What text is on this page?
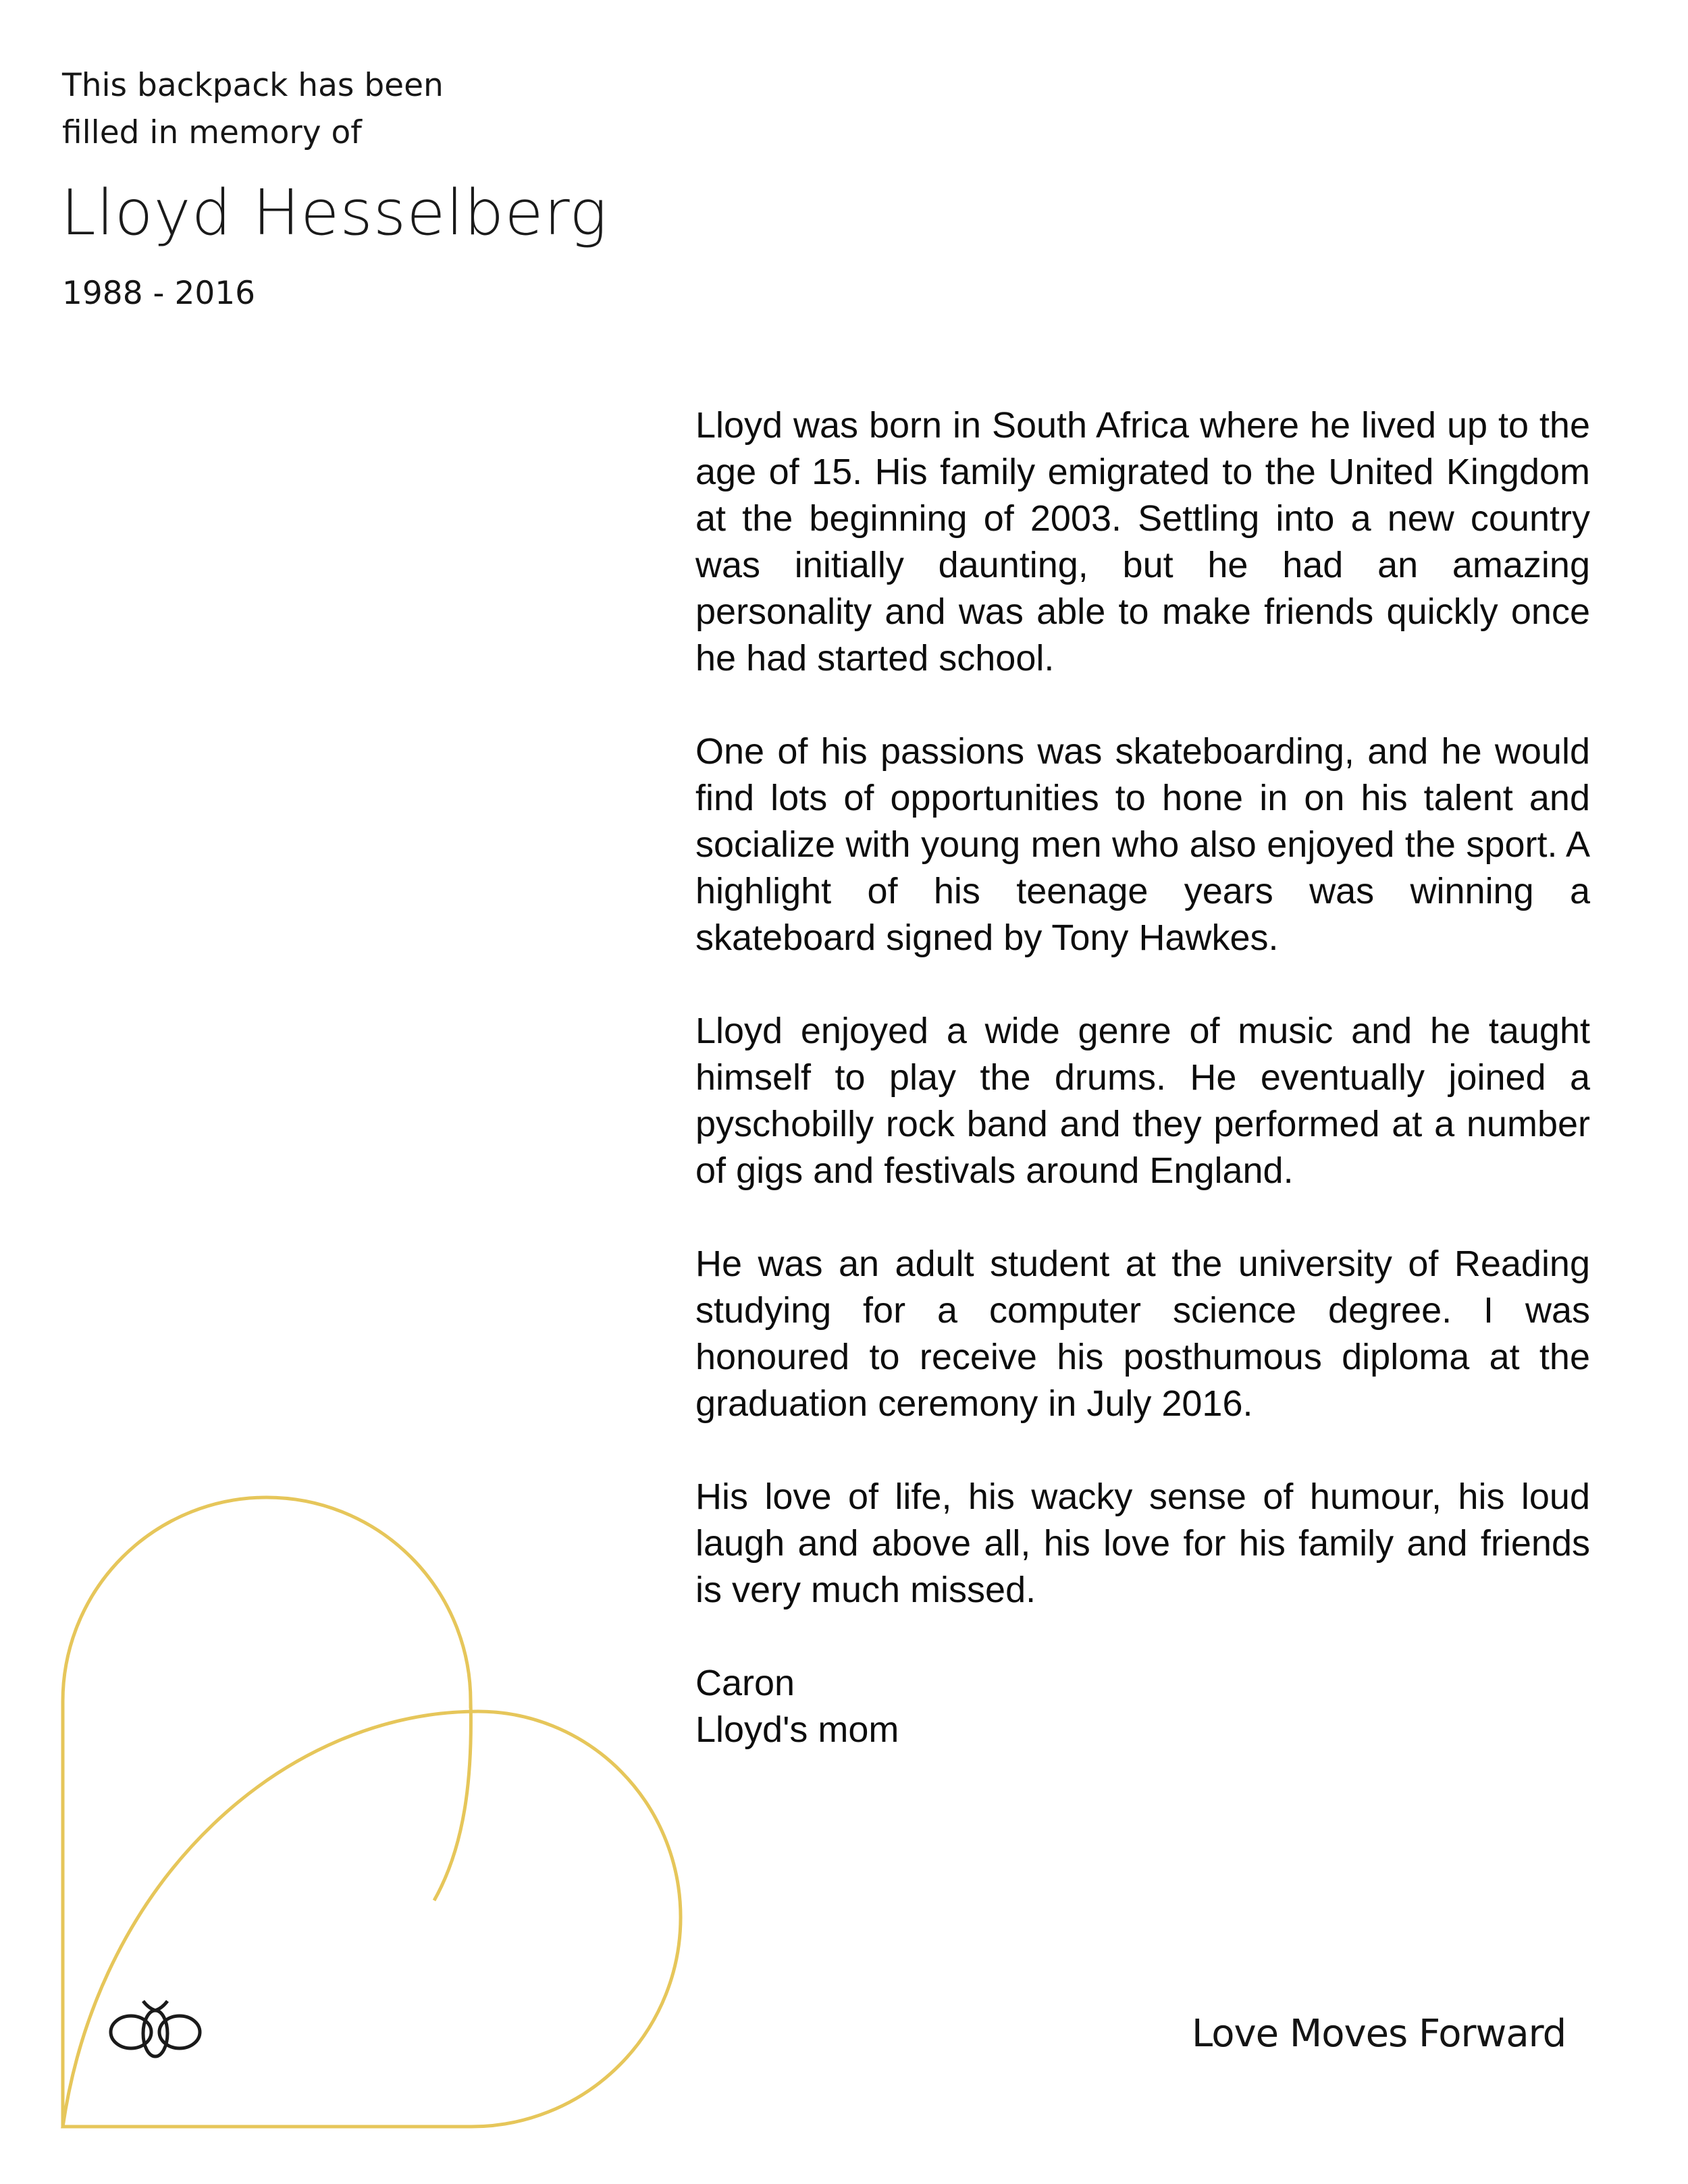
This backpack has been
filled in memory of
Lloyd Hesselberg
1988 - 2016

Lloyd was born in South Africa where he lived up to the age of 15. His family emigrated to the United Kingdom at the beginning of 2003. Settling into a new country was initially daunting, but he had an amazing personality and was able to make friends quickly once he had started school.

One of his passions was skateboarding, and he would find lots of opportunities to hone in on his talent and socialize with young men who also enjoyed the sport. A highlight of his teenage years was winning a skateboard signed by Tony Hawkes.

Lloyd enjoyed a wide genre of music and he taught himself to play the drums. He eventually joined a pyschobilly rock band and they performed at a number of gigs and festivals around England.

He was an adult student at the university of Reading studying for a computer science degree. I was honoured to receive his posthumous diploma at the graduation ceremony in July 2016.

His love of life, his wacky sense of humour, his loud laugh and above all, his love for his family and friends is very much missed.

Caron

Lloyd's mom

Love Moves Forward
